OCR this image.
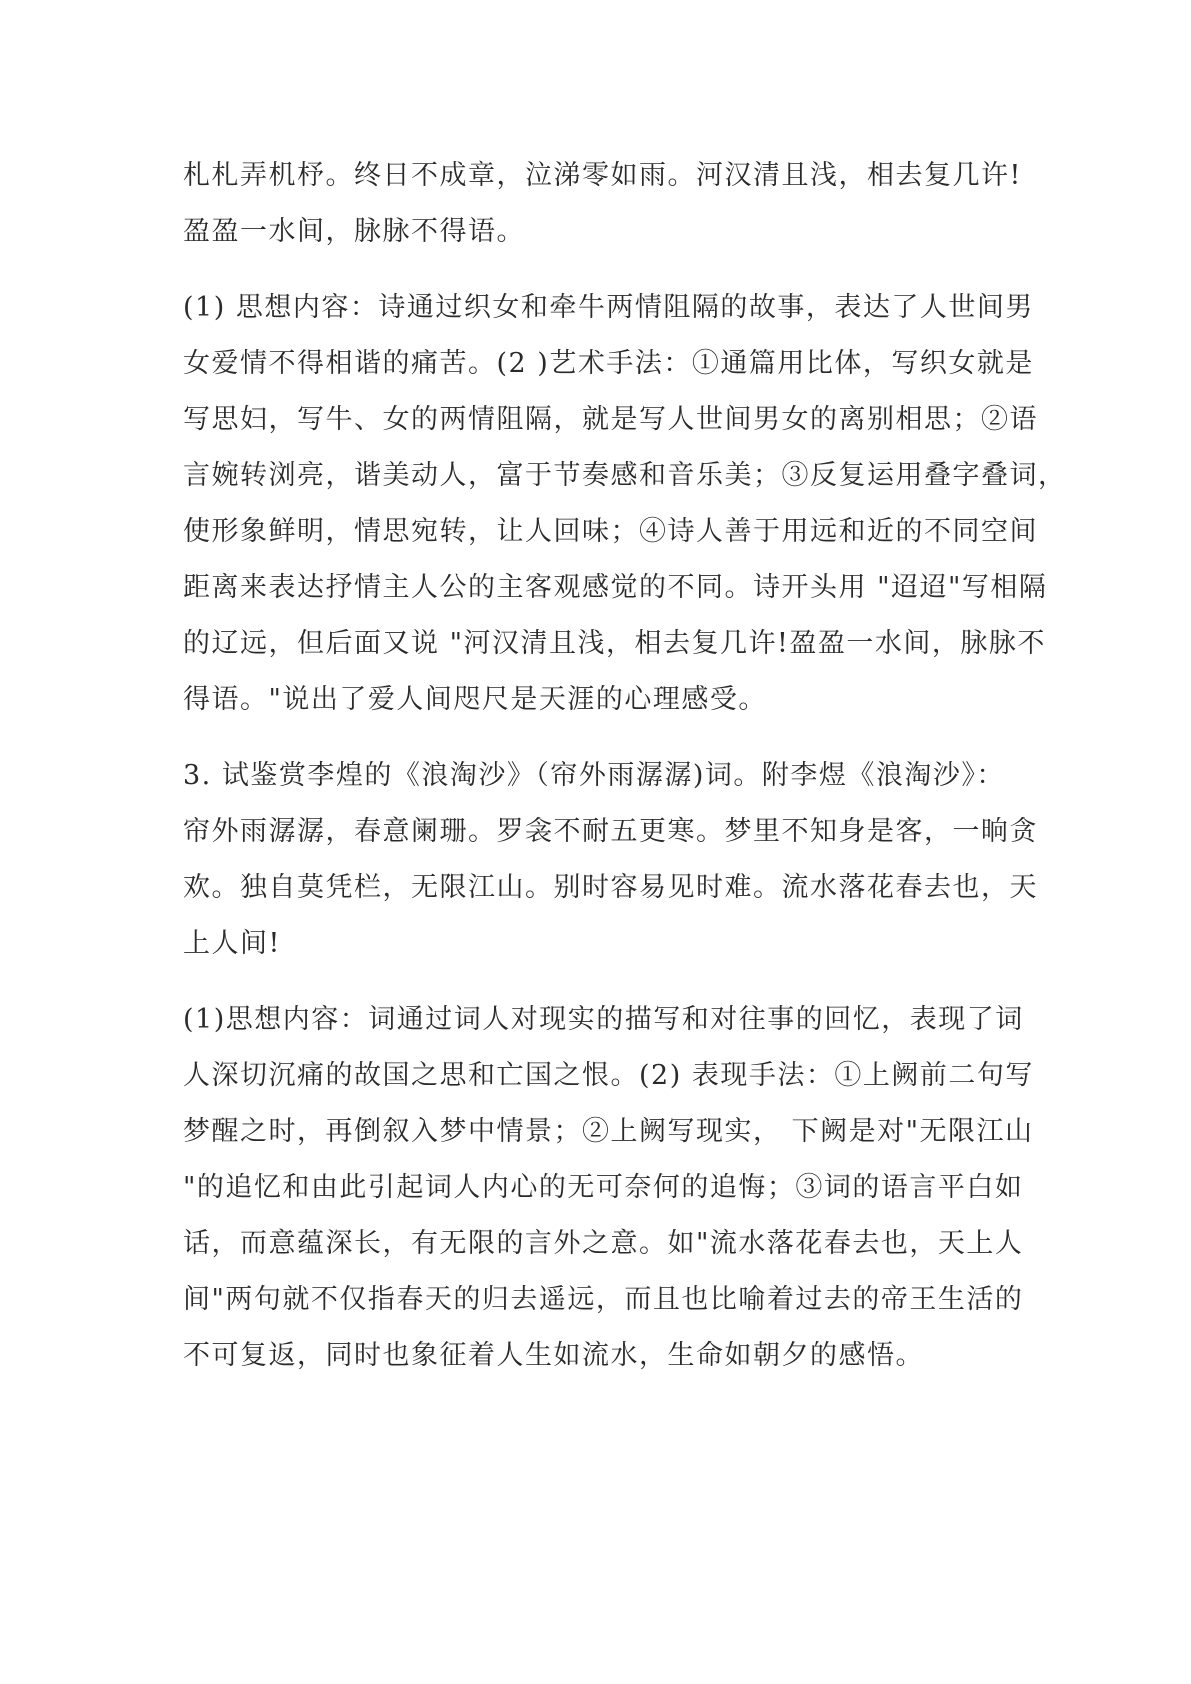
札札弄机杼。终日不成章，泣涕零如雨。河汉清且浅，相去复几许!
盈盈一水间，脉脉不得语。
(1) 思想内容：诗通过织女和牵牛两情阻隔的故事，表达了人世间男
女爱情不得相谐的痛苦。(2 )艺术手法：①通篇用比体，写织女就是
写思妇，写牛、女的两情阻隔，就是写人世间男女的离别相思；②语
言婉转浏亮，谐美动人，富于节奏感和音乐美；③反复运用叠字叠词，
使形象鲜明，情思宛转，让人回味；④诗人善于用远和近的不同空间
距离来表达抒情主人公的主客观感觉的不同。诗开头用 "迢迢"写相隔
的辽远，但后面又说 "河汉清且浅，相去复几许!盈盈一水间，脉脉不
得语。"说出了爱人间咫尺是天涯的心理感受。
3. 试鉴赏李煌的《浪淘沙》（帘外雨潺潺)词。附李煜《浪淘沙》：
帘外雨潺潺，春意阑珊。罗衾不耐五更寒。梦里不知身是客，一晌贪
欢。独自莫凭栏，无限江山。别时容易见时难。流水落花春去也，天
上人间!
(1)思想内容：词通过词人对现实的描写和对往事的回忆，表现了词
人深切沉痛的故国之思和亡国之恨。(2) 表现手法：①上阙前二句写
梦醒之时，再倒叙入梦中情景；②上阙写现实， 下阙是对"无限江山
"的追忆和由此引起词人内心的无可奈何的追悔；③词的语言平白如
话，而意蕴深长，有无限的言外之意。如"流水落花春去也，天上人
间"两句就不仅指春天的归去遥远，而且也比喻着过去的帝王生活的
不可复返，同时也象征着人生如流水，生命如朝夕的感悟。
